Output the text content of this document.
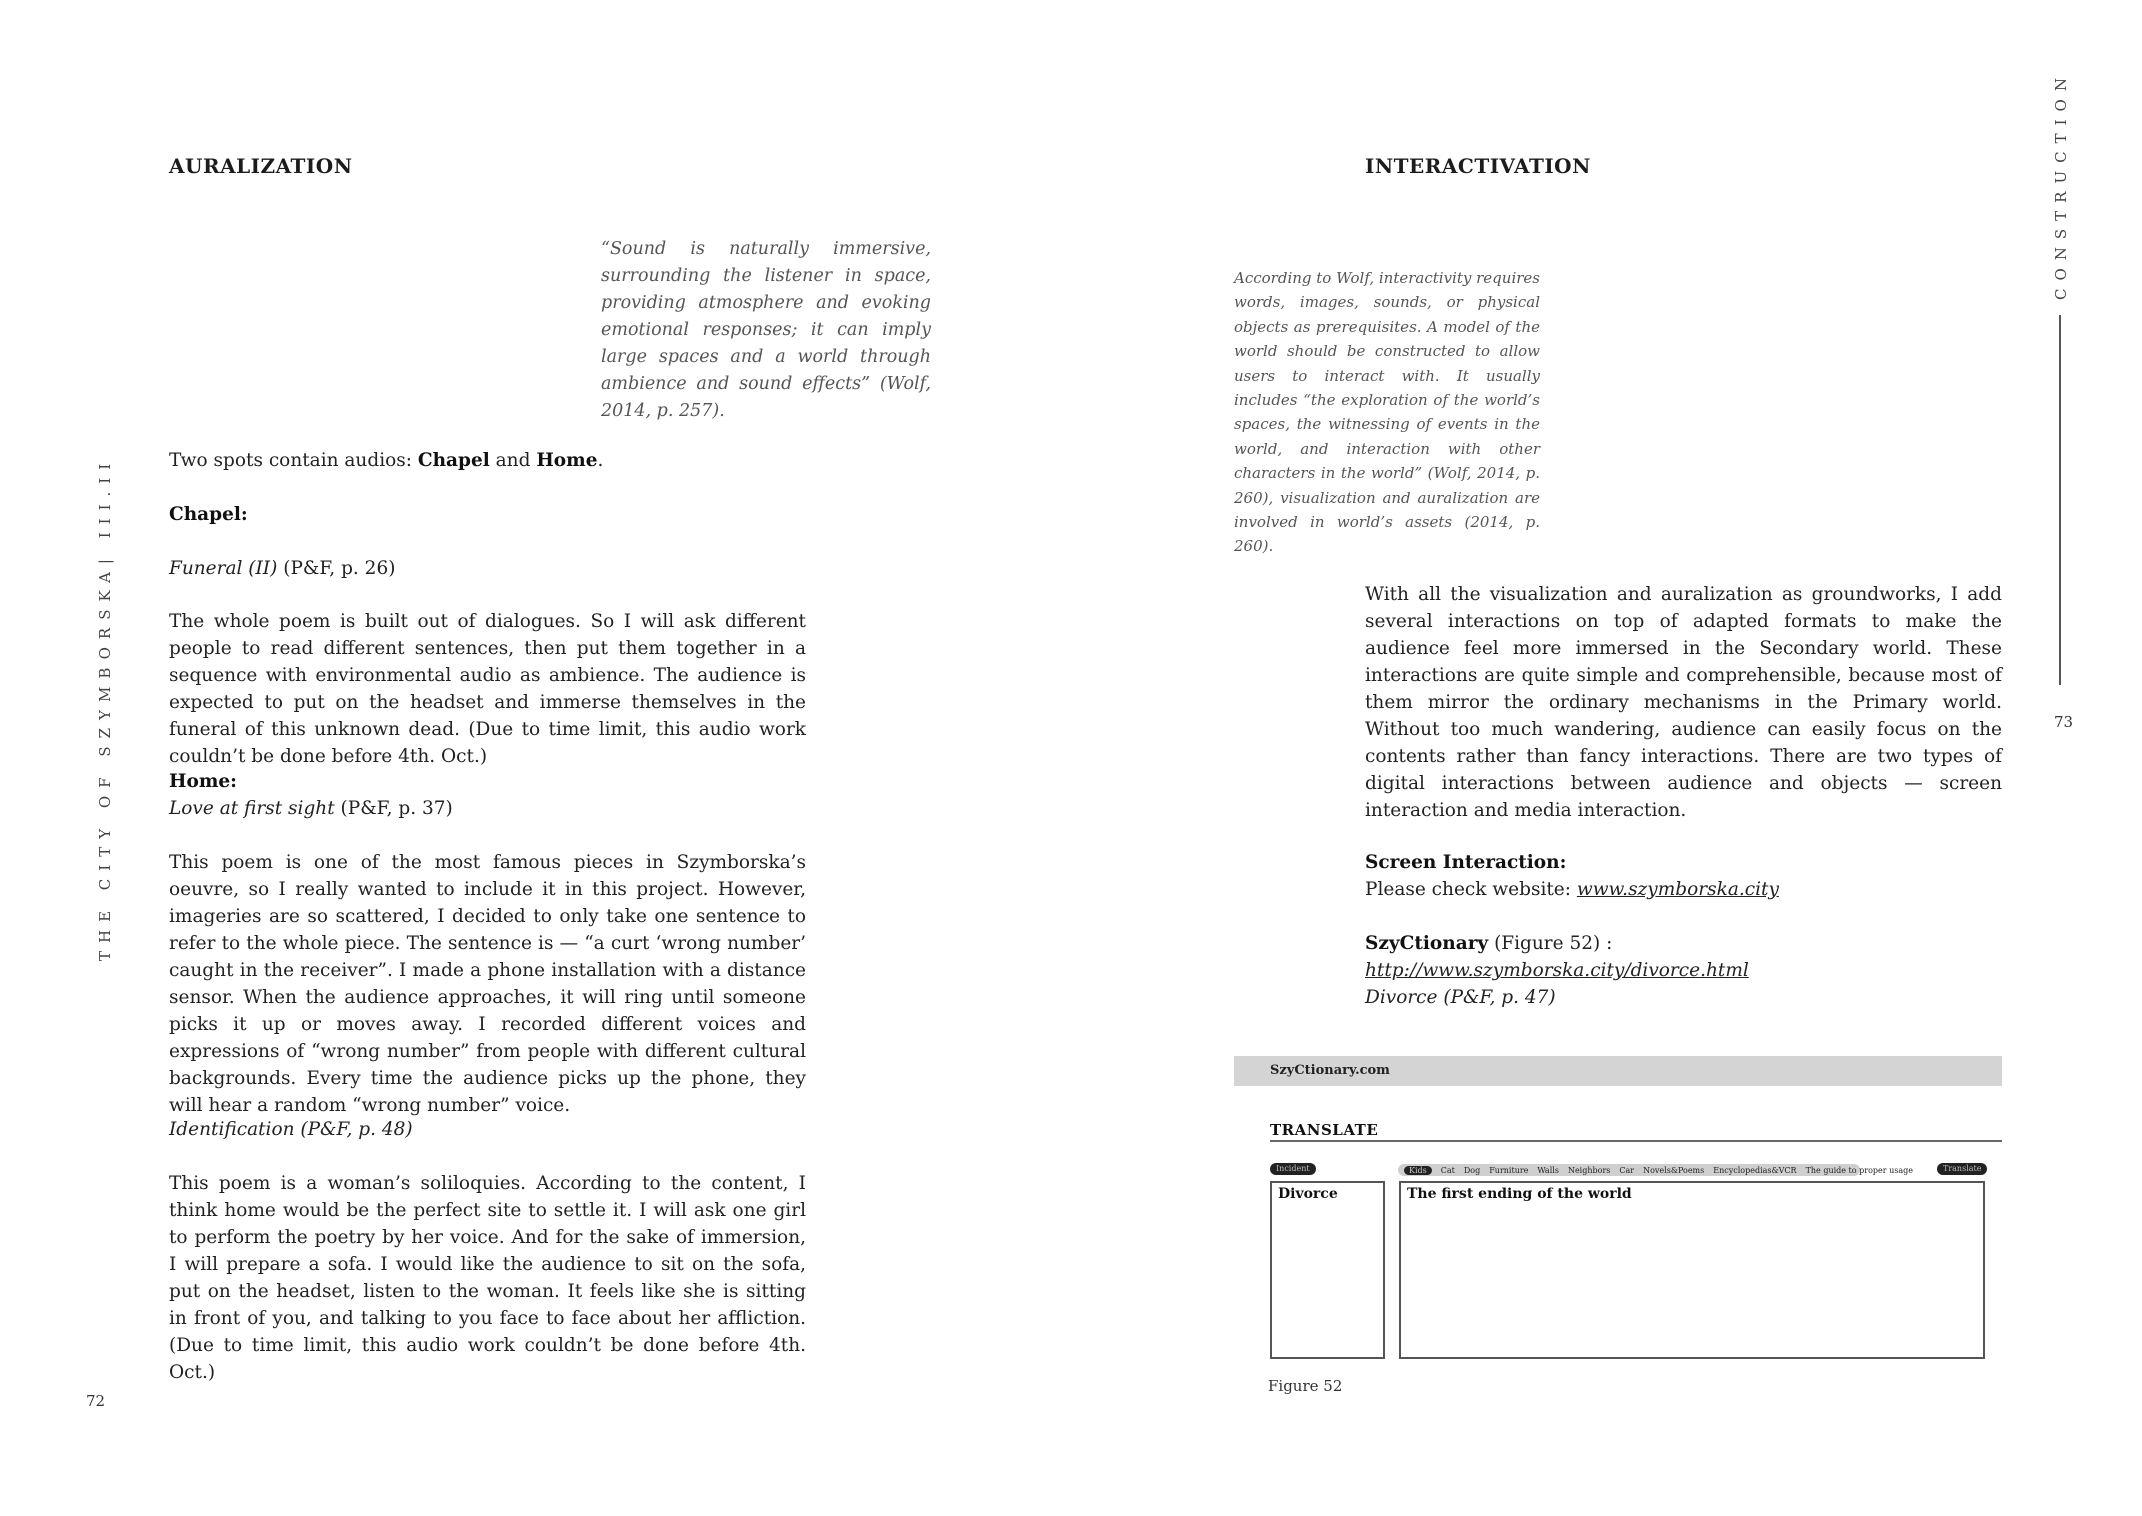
AURALIZATION
“Sound is naturally immersive, surrounding the listener in space, providing atmosphere and evoking emotional responses; it can imply large spaces and a world through ambience and sound effects” (Wolf, 2014, p. 257).
Two spots contain audios: Chapel and Home.
Chapel:
Funeral (II) (P&F, p. 26)
The whole poem is built out of dialogues. So I will ask different people to read different sentences, then put them together in a sequence with environmental audio as ambience. The audience is expected to put on the headset and immerse themselves in the funeral of this unknown dead. (Due to time limit, this audio work couldn’t be done before 4th. Oct.)
Home:
Love at first sight (P&F, p. 37)
This poem is one of the most famous pieces in Szymborska’s oeuvre, so I really wanted to include it in this project. However, imageries are so scattered, I decided to only take one sentence to refer to the whole piece. The sentence is — “a curt ‘wrong number’ caught in the receiver”. I made a phone installation with a distance sensor. When the audience approaches, it will ring until someone picks it up or moves away. I recorded different voices and expressions of “wrong number” from people with different cultural backgrounds. Every time the audience picks up the phone, they will hear a random “wrong number” voice.
Identification (P&F, p. 48)
This poem is a woman’s soliloquies. According to the content, I think home would be the perfect site to settle it. I will ask one girl to perform the poetry by her voice. And for the sake of immersion, I will prepare a sofa. I would like the audience to sit on the sofa, put on the headset, listen to the woman. It feels like she is sitting in front of you, and talking to you face to face about her affliction. (Due to time limit, this audio work couldn’t be done before 4th. Oct.)
THE CITY OF SZYMBORSKA| III.II
72
INTERACTIVATION
According to Wolf, interactivity requires words, images, sounds, or physical objects as prerequisites. A model of the world should be constructed to allow users to interact with. It usually includes “the exploration of the world’s spaces, the witnessing of events in the world, and interaction with other characters in the world” (Wolf, 2014, p. 260), visualization and auralization are involved in world’s assets (2014, p. 260).
With all the visualization and auralization as groundworks, I add several interactions on top of adapted formats to make the audience feel more immersed in the Secondary world. These interactions are quite simple and comprehensible, because most of them mirror the ordinary mechanisms in the Primary world. Without too much wandering, audience can easily focus on the contents rather than fancy interactions. There are two types of digital interactions between audience and objects — screen interaction and media interaction.
Screen Interaction:
Please check website: www.szymborska.city
SzyCtionary (Figure 52) :
http://www.szymborska.city/divorce.html
Divorce (P&F, p. 47)
SzyCtionary.com
TRANSLATE
Incident	Kids	Cat Dog Furniture Walls Neighbors Car Novels&Poems Encyclopedias&VCR The guide to proper usage	Translate
Divorce	The first ending of the world
Figure 52
CONSTRUCTION
73
